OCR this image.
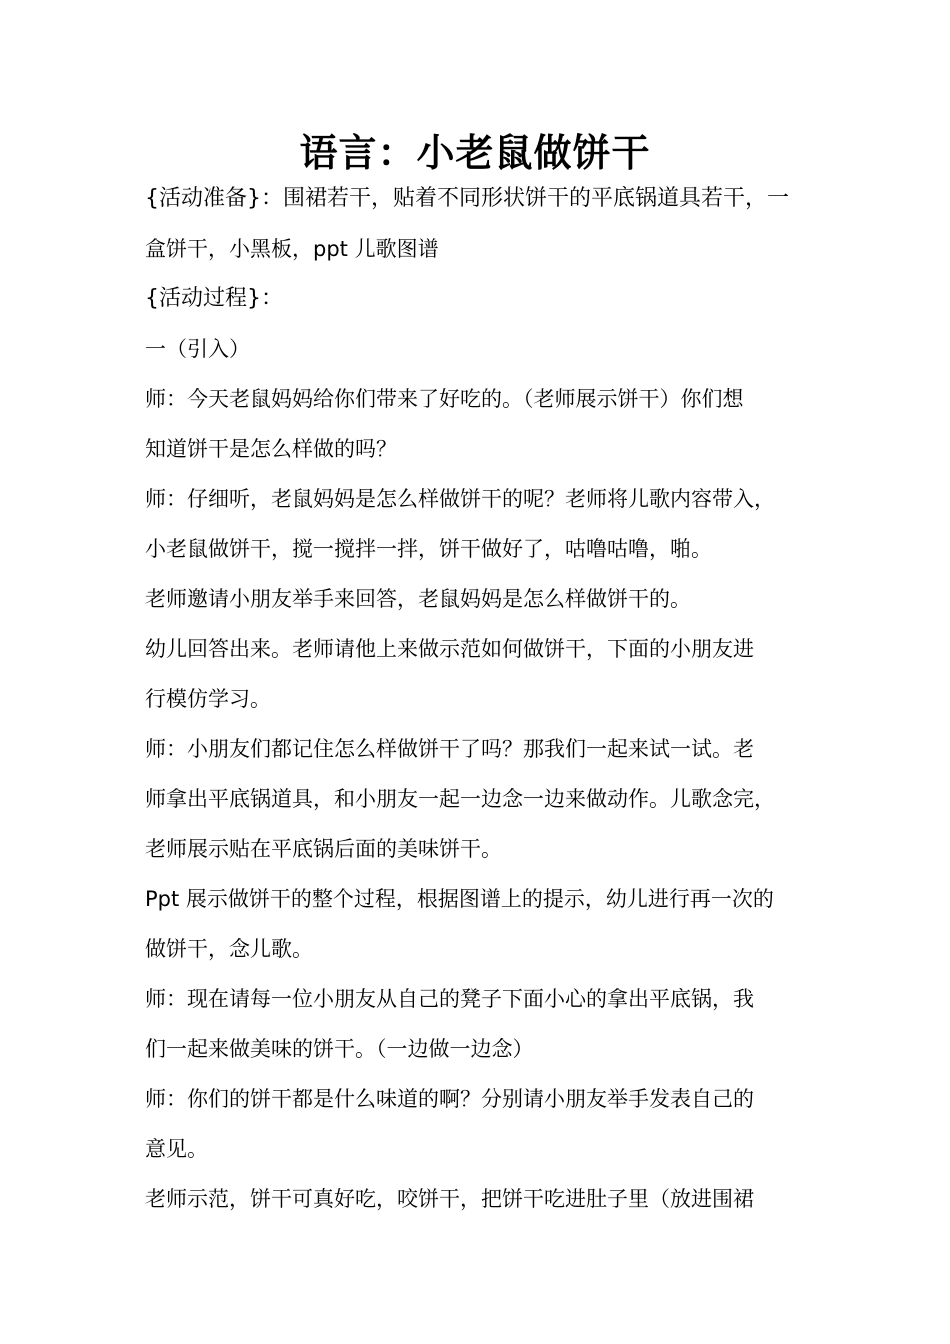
语言：小老鼠做饼干
{活动准备}：围裙若干，贴着不同形状饼干的平底锅道具若干，一
盒饼干，小黑板，ppt 儿歌图谱
{活动过程}：
一（引入）
师：今天老鼠妈妈给你们带来了好吃的。（老师展示饼干）你们想
知道饼干是怎么样做的吗？
师：仔细听，老鼠妈妈是怎么样做饼干的呢？老师将儿歌内容带入，
小老鼠做饼干，搅一搅拌一拌，饼干做好了，咕噜咕噜，啪。
老师邀请小朋友举手来回答，老鼠妈妈是怎么样做饼干的。
幼儿回答出来。老师请他上来做示范如何做饼干，下面的小朋友进
行模仿学习。
师：小朋友们都记住怎么样做饼干了吗？那我们一起来试一试。老
师拿出平底锅道具，和小朋友一起一边念一边来做动作。儿歌念完，
老师展示贴在平底锅后面的美味饼干。
Ppt 展示做饼干的整个过程，根据图谱上的提示，幼儿进行再一次的
做饼干，念儿歌。
师：现在请每一位小朋友从自己的凳子下面小心的拿出平底锅，我
们一起来做美味的饼干。（一边做一边念）
师：你们的饼干都是什么味道的啊？分别请小朋友举手发表自己的
意见。
老师示范，饼干可真好吃，咬饼干，把饼干吃进肚子里（放进围裙
